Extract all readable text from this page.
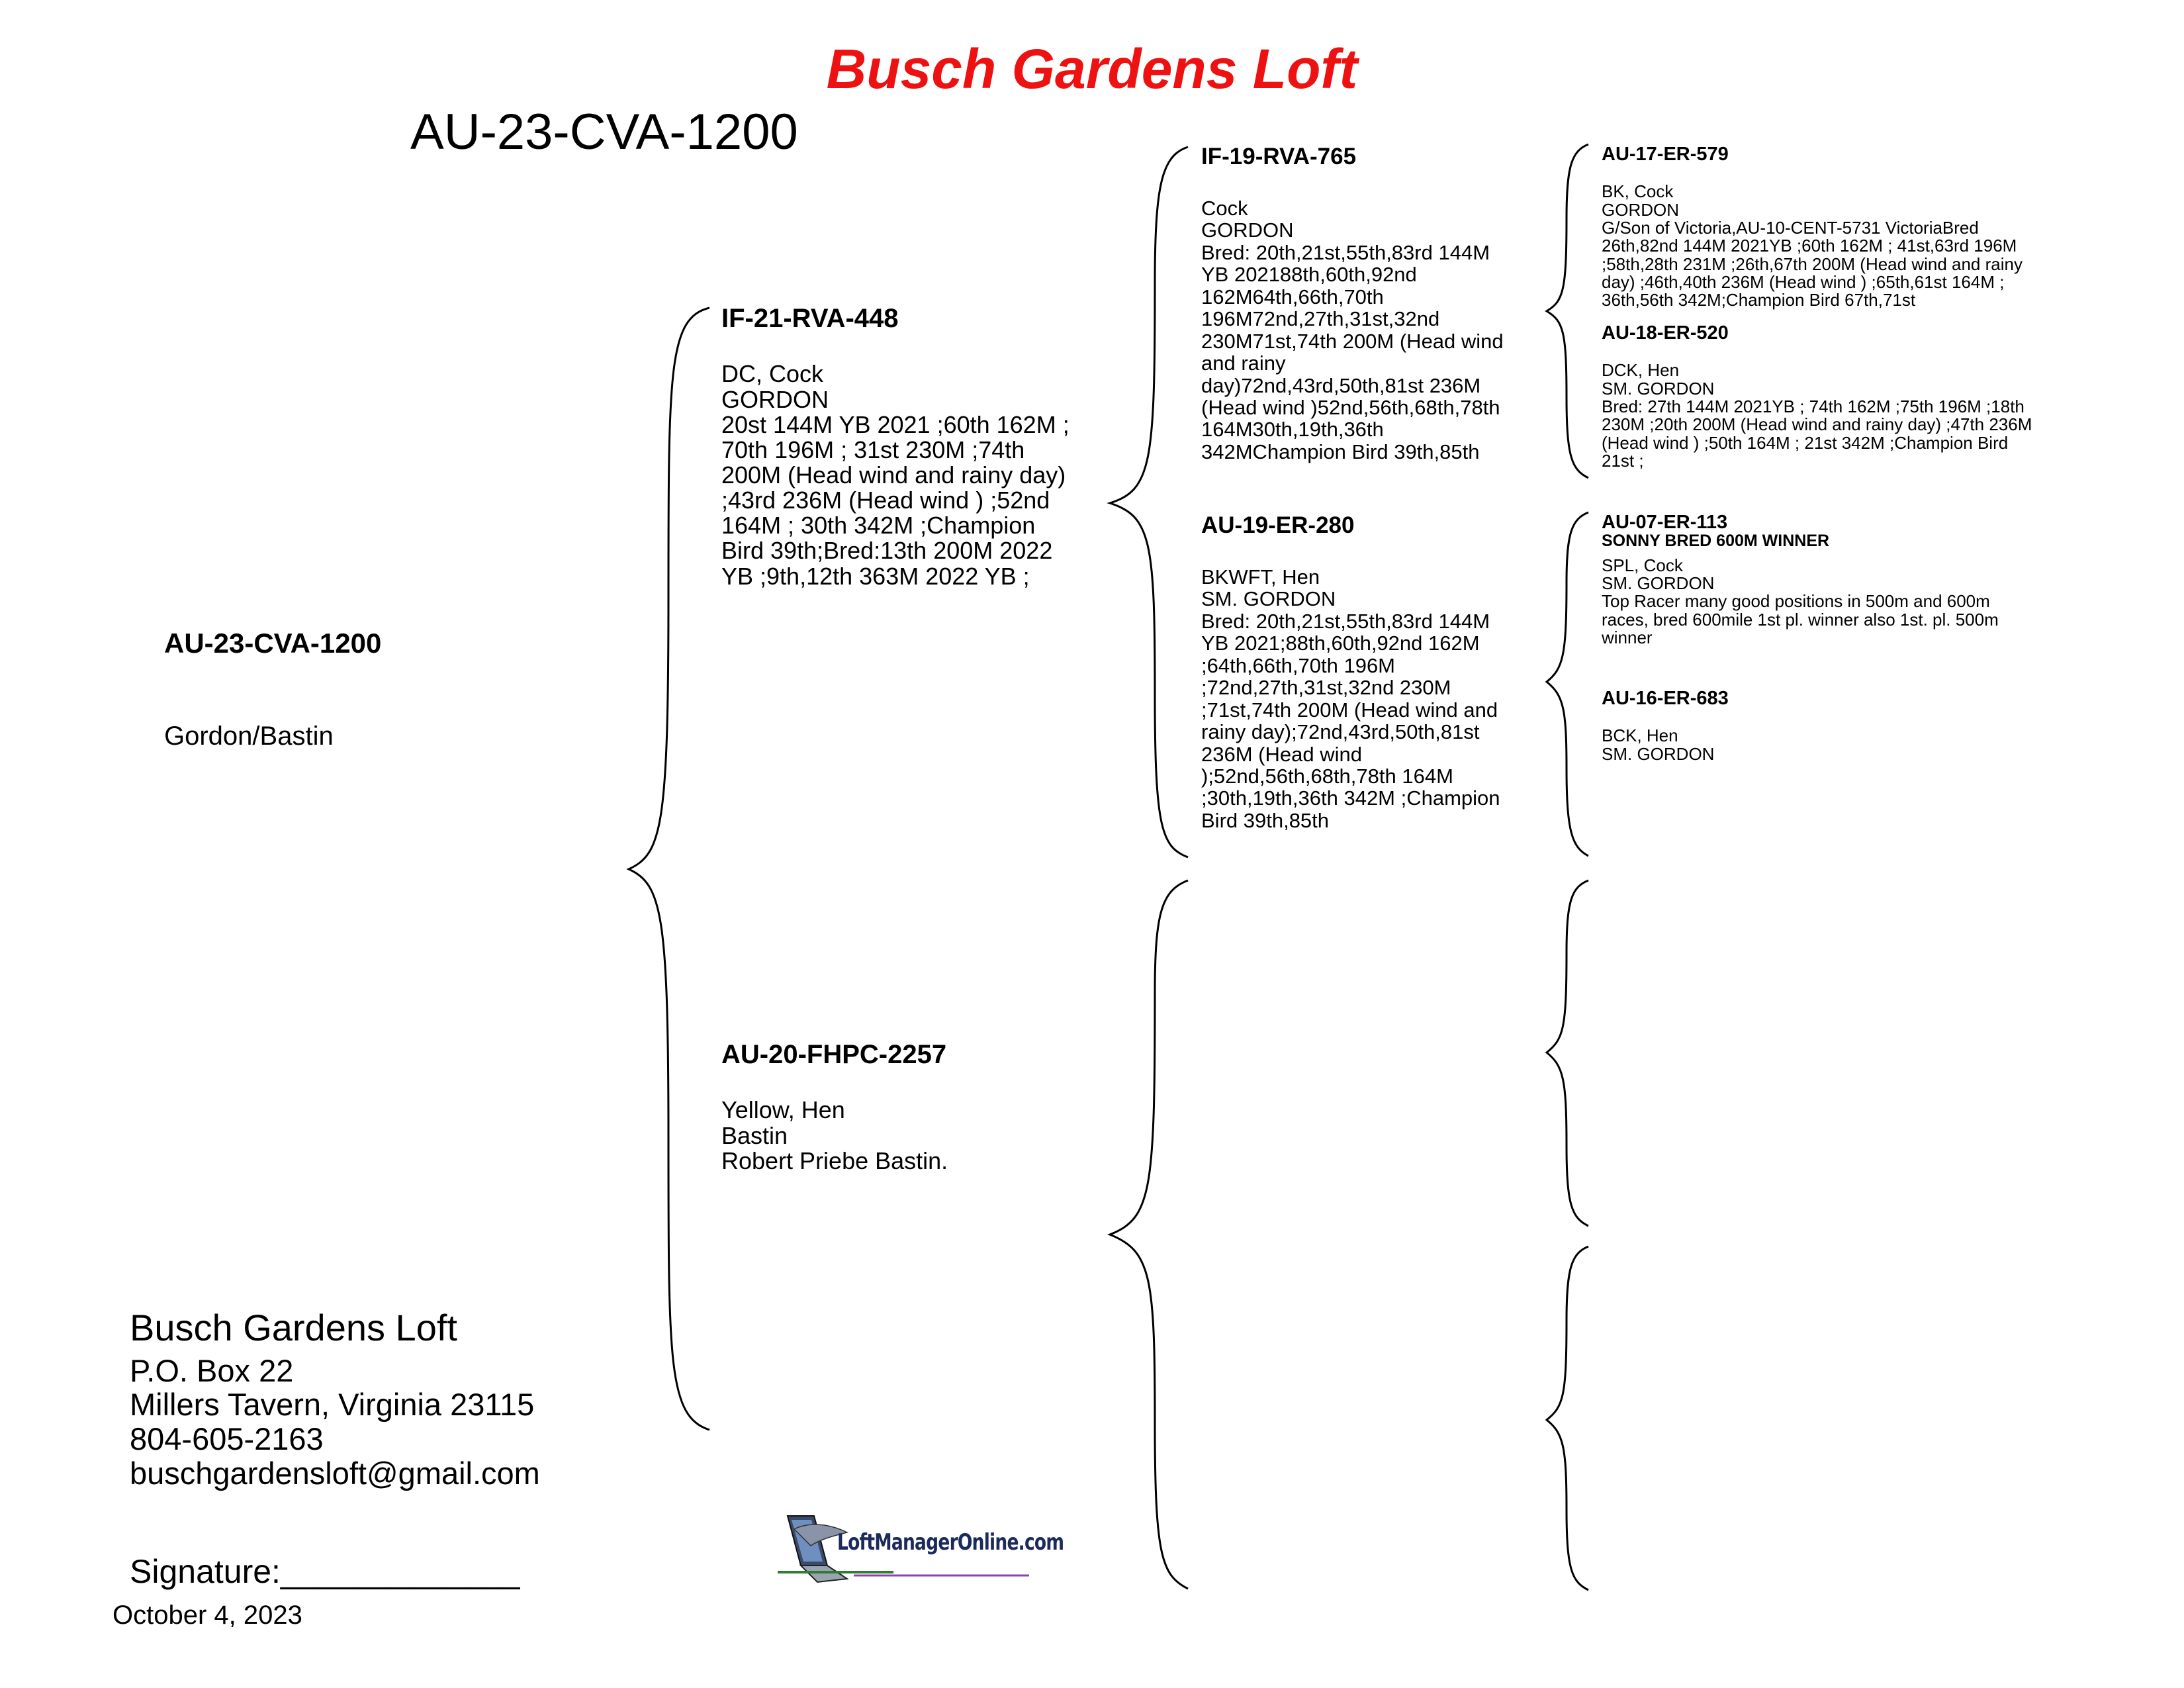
Busch Gardens Loft
AU-23-CVA-1200
AU-23-CVA-1200
Gordon/Bastin
IF-21-RVA-448
DC, Cock
GORDON
20st 144M YB 2021 ;60th 162M ;
70th 196M ; 31st 230M ;74th
200M (Head wind and rainy day)
;43rd 236M (Head wind ) ;52nd
164M ; 30th 342M ;Champion
Bird 39th;Bred:13th 200M 2022
YB ;9th,12th 363M 2022 YB ;
AU-20-FHPC-2257
Yellow, Hen
Bastin
Robert Priebe Bastin.
IF-19-RVA-765
Cock
GORDON
Bred: 20th,21st,55th,83rd 144M
YB 202188th,60th,92nd
162M64th,66th,70th
196M72nd,27th,31st,32nd
230M71st,74th 200M (Head wind
and rainy
day)72nd,43rd,50th,81st 236M
(Head wind )52nd,56th,68th,78th
164M30th,19th,36th
342MChampion Bird 39th,85th
AU-19-ER-280
BKWFT, Hen
SM. GORDON
Bred: 20th,21st,55th,83rd 144M
YB 2021;88th,60th,92nd 162M
;64th,66th,70th 196M
;72nd,27th,31st,32nd 230M
;71st,74th 200M (Head wind and
rainy day);72nd,43rd,50th,81st
236M (Head wind
);52nd,56th,68th,78th 164M
;30th,19th,36th 342M ;Champion
Bird 39th,85th
AU-17-ER-579
BK, Cock
GORDON
G/Son of Victoria,AU-10-CENT-5731 VictoriaBred
26th,82nd 144M 2021YB ;60th 162M ; 41st,63rd 196M
;58th,28th 231M ;26th,67th 200M (Head wind and rainy
day) ;46th,40th 236M (Head wind ) ;65th,61st 164M ;
36th,56th 342M;Champion Bird 67th,71st
AU-18-ER-520
DCK, Hen
SM. GORDON
Bred: 27th 144M 2021YB ; 74th 162M ;75th 196M ;18th
230M ;20th 200M (Head wind and rainy day) ;47th 236M
(Head wind ) ;50th 164M ; 21st 342M ;Champion Bird
21st ;
AU-07-ER-113
SONNY BRED 600M WINNER
SPL, Cock
SM. GORDON
Top Racer many good positions in 500m and 600m
races, bred 600mile 1st pl. winner also 1st. pl. 500m
winner
AU-16-ER-683
BCK, Hen
SM. GORDON
Busch Gardens Loft
P.O. Box 22
Millers Tavern, Virginia 23115
804-605-2163
buschgardensloft@gmail.com
Signature:_____________
October 4, 2023
LoftManagerOnline.com
